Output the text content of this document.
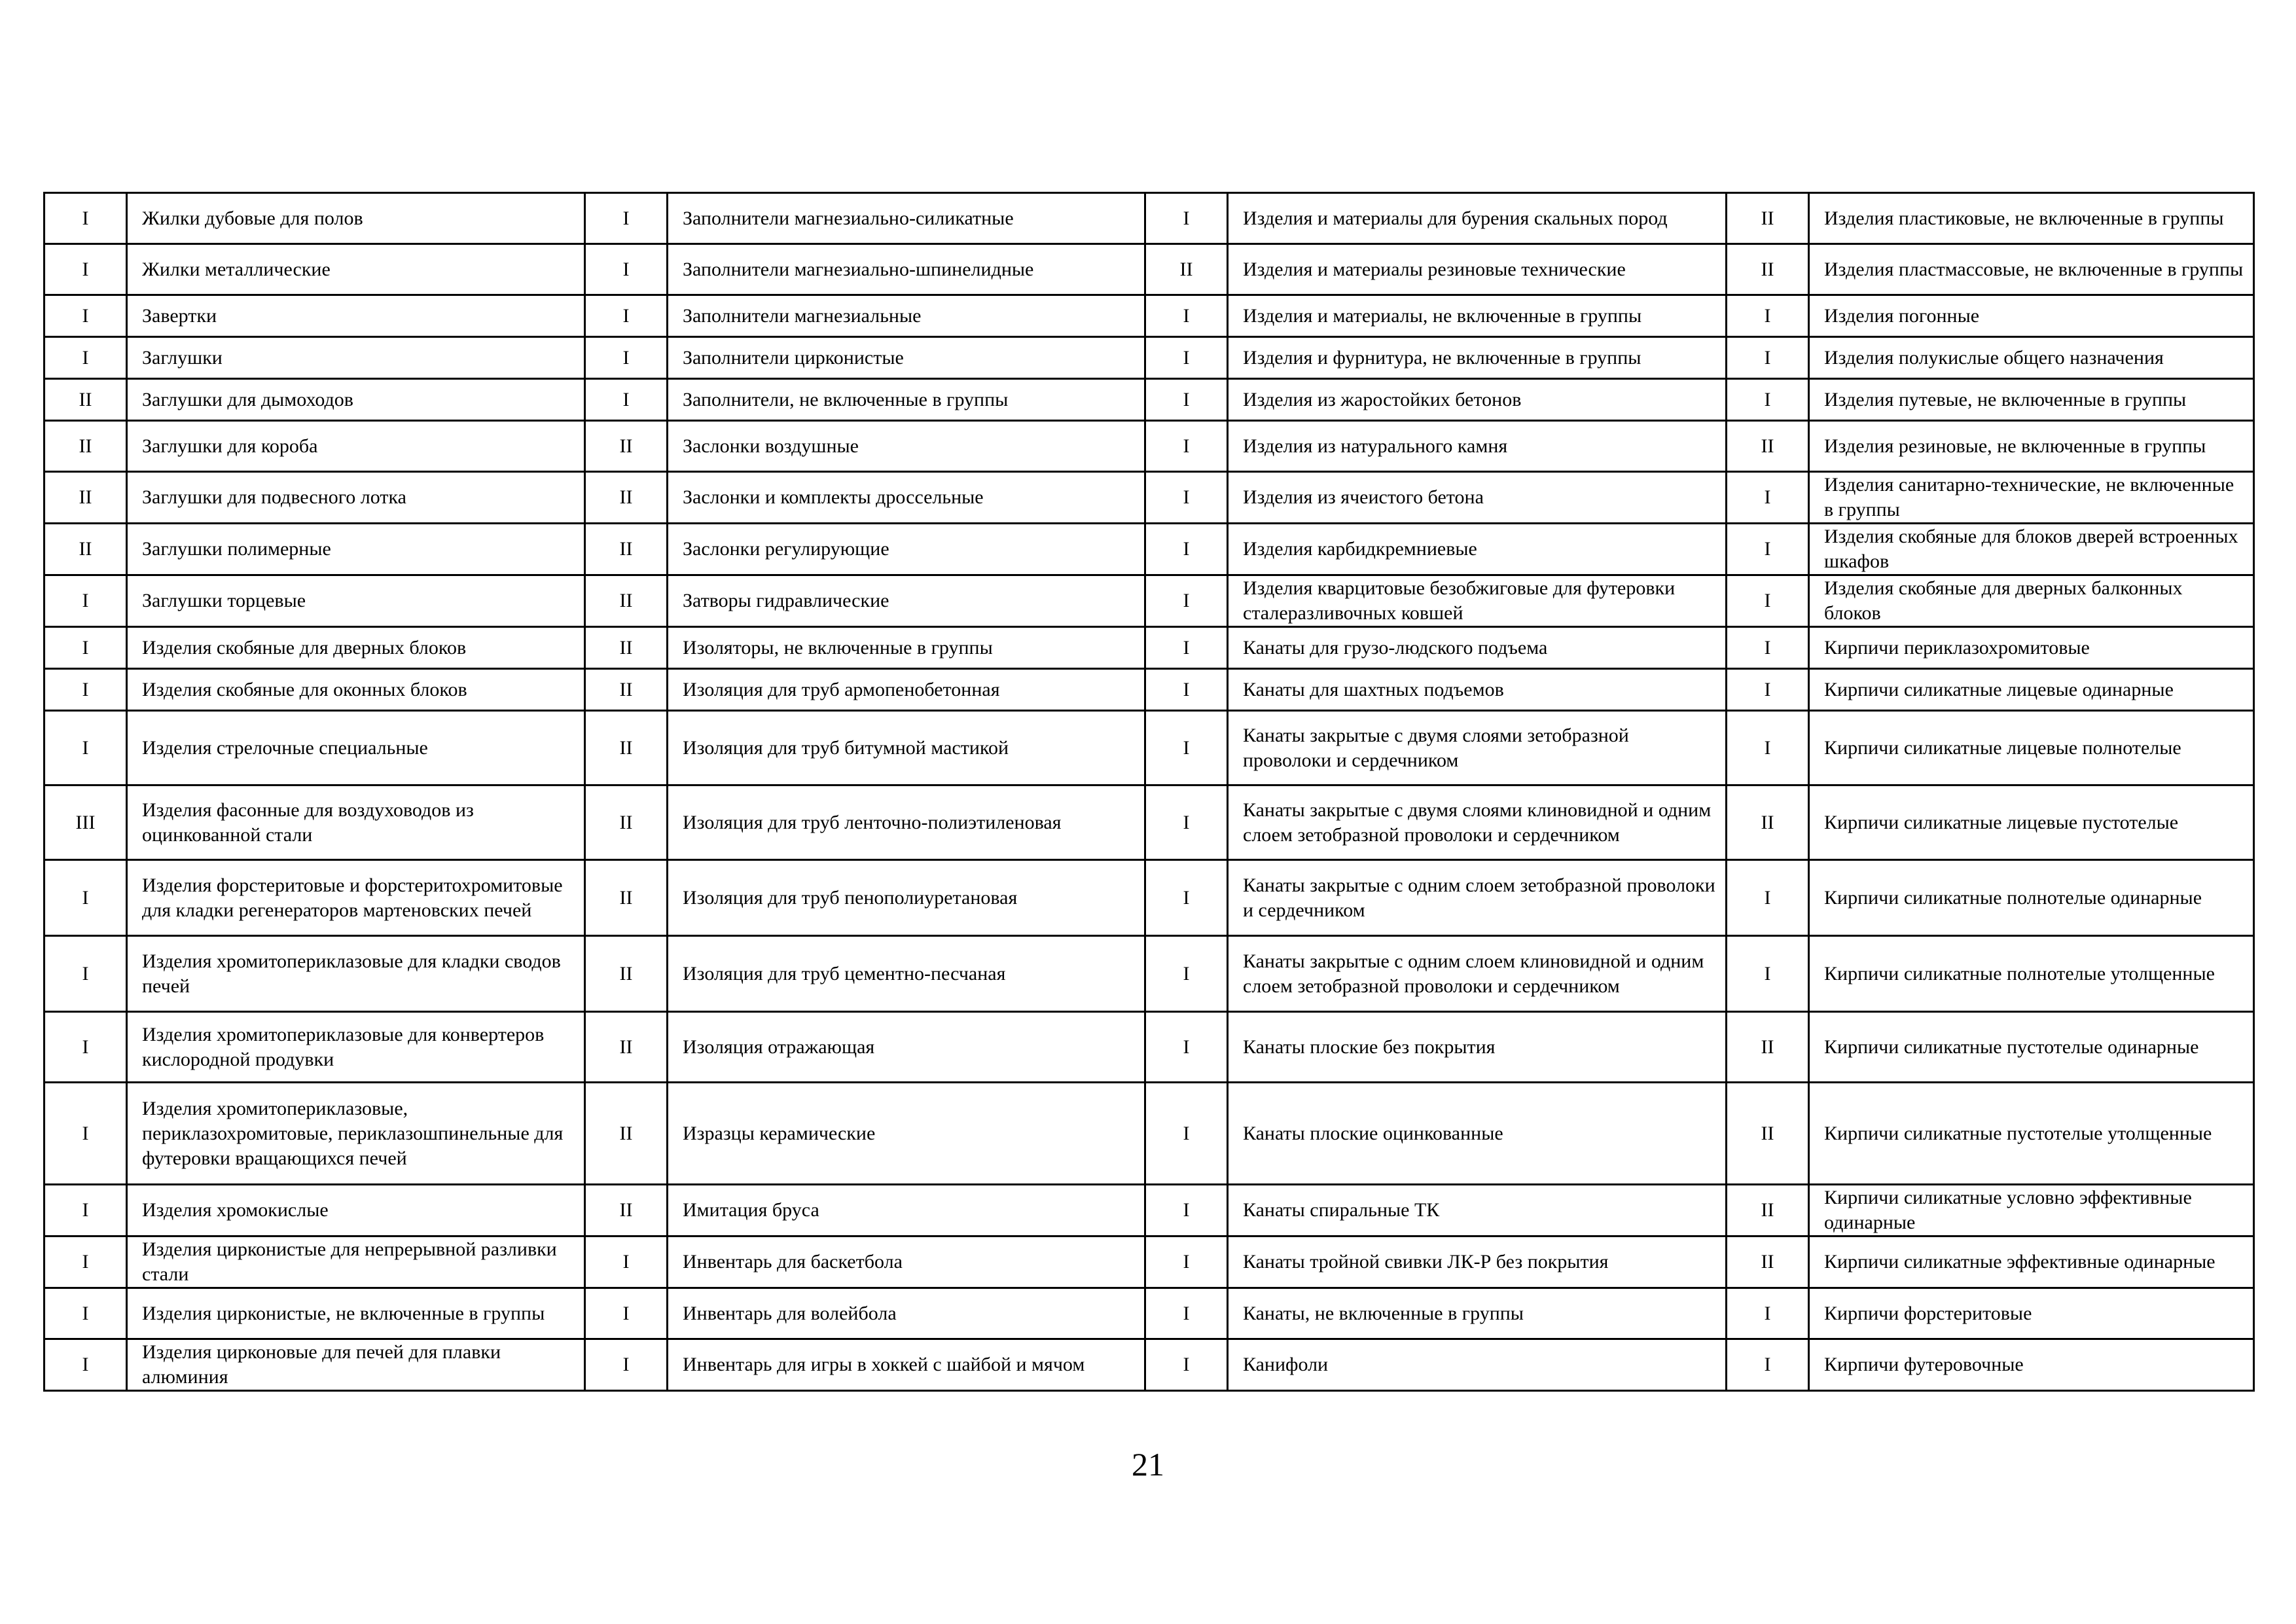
I	Жилки дубовые для полов	I	Заполнители магнезиально-силикатные	I	Изделия и материалы для бурения скальных пород	II	Изделия пластиковые, не включенные в группы
I	Жилки металлические	I	Заполнители магнезиально-шпинелидные	II	Изделия и материалы резиновые технические	II	Изделия пластмассовые, не включенные в группы
I	Завертки	I	Заполнители магнезиальные	I	Изделия и материалы, не включенные в группы	I	Изделия погонные
I	Заглушки	I	Заполнители цирконистые	I	Изделия и фурнитура, не включенные в группы	I	Изделия полукислые общего назначения
II	Заглушки для дымоходов	I	Заполнители, не включенные в группы	I	Изделия из жаростойких бетонов	I	Изделия путевые, не включенные в группы
II	Заглушки для короба	II	Заслонки воздушные	I	Изделия из натурального камня	II	Изделия резиновые, не включенные в группы
II	Заглушки для подвесного лотка	II	Заслонки и комплекты дроссельные	I	Изделия из ячеистого бетона	I	Изделия санитарно-технические, не включенные в группы
II	Заглушки полимерные	II	Заслонки регулирующие	I	Изделия карбидкремниевые	I	Изделия скобяные для блоков дверей встроенных шкафов
I	Заглушки торцевые	II	Затворы гидравлические	I	Изделия кварцитовые безобжиговые для футеровки сталеразливочных ковшей	I	Изделия скобяные для дверных балконных блоков
I	Изделия скобяные для дверных блоков	II	Изоляторы, не включенные в группы	I	Канаты для грузо-людского подъема	I	Кирпичи периклазохромитовые
I	Изделия скобяные для оконных блоков	II	Изоляция для труб армопенобетонная	I	Канаты для шахтных подъемов	I	Кирпичи силикатные лицевые одинарные
I	Изделия стрелочные специальные	II	Изоляция для труб битумной мастикой	I	Канаты закрытые с двумя слоями зетобразной проволоки и сердечником	I	Кирпичи силикатные лицевые полнотелые
III	Изделия фасонные для воздуховодов из оцинкованной стали	II	Изоляция для труб ленточно-полиэтиленовая	I	Канаты закрытые с двумя слоями клиновидной и одним слоем зетобразной проволоки и сердечником	II	Кирпичи силикатные лицевые пустотелые
I	Изделия форстеритовые и форстеритохромитовые для кладки регенераторов мартеновских печей	II	Изоляция для труб пенополиуретановая	I	Канаты закрытые с одним слоем зетобразной проволоки и сердечником	I	Кирпичи силикатные полнотелые одинарные
I	Изделия хромитопериклазовые для кладки сводов печей	II	Изоляция для труб цементно-песчаная	I	Канаты закрытые с одним слоем клиновидной и одним слоем зетобразной проволоки и сердечником	I	Кирпичи силикатные полнотелые утолщенные
I	Изделия хромитопериклазовые для конвертеров кислородной продувки	II	Изоляция отражающая	I	Канаты плоские без покрытия	II	Кирпичи силикатные пустотелые одинарные
I	Изделия хромитопериклазовые, периклазохромитовые, периклазошпинельные для футеровки вращающихся печей	II	Изразцы керамические	I	Канаты плоские оцинкованные	II	Кирпичи силикатные пустотелые утолщенные
I	Изделия хромокислые	II	Имитация бруса	I	Канаты спиральные ТК	II	Кирпичи силикатные условно эффективные одинарные
I	Изделия цирконистые для непрерывной разливки стали	I	Инвентарь для баскетбола	I	Канаты тройной свивки ЛК-Р без покрытия	II	Кирпичи силикатные эффективные одинарные
I	Изделия цирконистые, не включенные в группы	I	Инвентарь для волейбола	I	Канаты, не включенные в группы	I	Кирпичи форстеритовые
I	Изделия цирконовые для печей для плавки алюминия	I	Инвентарь для игры в хоккей с шайбой и мячом	I	Канифоли	I	Кирпичи футеровочные
21
